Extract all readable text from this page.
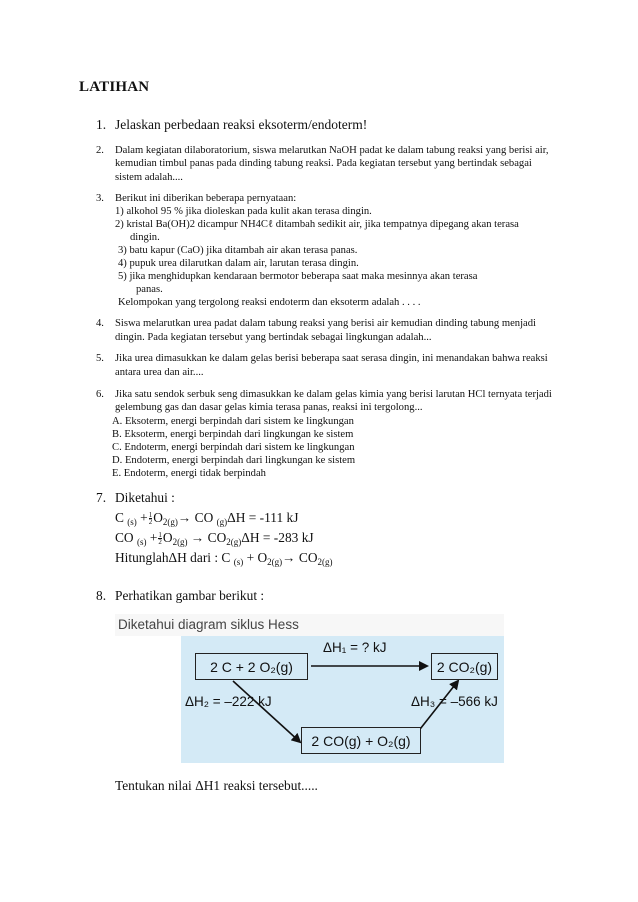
LATIHAN
1. Jelaskan perbedaan reaksi eksoterm/endoterm!
2. Dalam kegiatan dilaboratorium, siswa melarutkan NaOH padat ke dalam tabung reaksi yang berisi air,
kemudian timbul panas pada dinding tabung reaksi. Pada kegiatan tersebut yang bertindak sebagai
sistem adalah....
3. Berikut ini diberikan beberapa pernyataan:
1) alkohol 95 % jika dioleskan pada kulit akan terasa dingin.
2) kristal Ba(OH)2 dicampur NH4Cℓ ditambah sedikit air, jika tempatnya dipegang akan terasa
dingin.
3) batu kapur (CaO) jika ditambah air akan terasa panas.
4) pupuk urea dilarutkan dalam air, larutan terasa dingin.
5) jika menghidupkan kendaraan bermotor beberapa saat maka mesinnya akan terasa
panas.
Kelompokan yang tergolong reaksi endoterm dan eksoterm adalah . . . .
4. Siswa melarutkan urea padat dalam tabung reaksi yang berisi air kemudian dinding tabung menjadi
dingin. Pada kegiatan tersebut yang bertindak sebagai lingkungan adalah...
5. Jika urea dimasukkan ke dalam gelas berisi beberapa saat serasa dingin, ini menandakan bahwa reaksi
antara urea dan air....
6. Jika satu sendok serbuk seng dimasukkan ke dalam gelas kimia yang berisi larutan HCl ternyata terjadi
gelembung gas dan dasar gelas kimia terasa panas, reaksi ini tergolong...
A. Eksoterm, energi berpindah dari sistem ke lingkungan
B. Eksoterm, energi berpindah dari lingkungan ke sistem
C. Endoterm, energi berpindah dari sistem ke lingkungan
D. Endoterm, energi berpindah dari lingkungan ke sistem
E. Endoterm, energi tidak berpindah
7. Diketahui :
C $_{(s)} + \frac{1}{2} O_{2(g)}\to$ CO $_{(g)}$ΔH = -111 kJ
CO $_{(s)} + \frac{1}{2} O_{2(g)} \to CO_{2(g)}\Delta H = -283$ kJ
HitunglahΔH dari : C $_{(s)} + O_{2(g)}\to CO_{2(g)}$
8. Perhatikan gambar berikut :
Diketahui diagram siklus Hess
2 C + 2 O₂(g)	2 CO₂(g)
2 CO(g) + O₂(g)
ΔH₁ = ? kJ
ΔH₂ = –222 kJ	ΔH₃ = –566 kJ
Tentukan nilai ΔH1 reaksi tersebut.....
